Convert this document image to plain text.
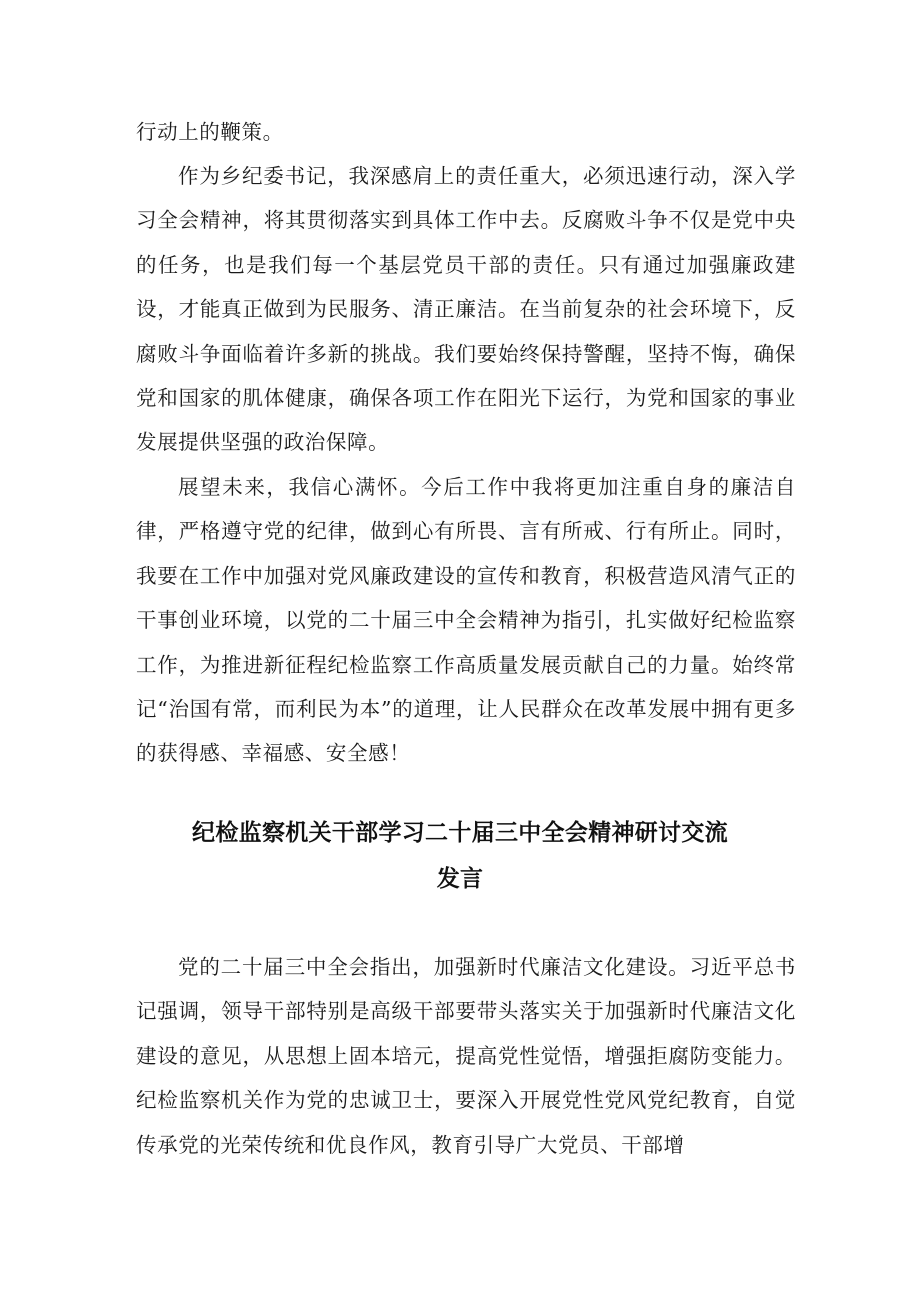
行动上的鞭策。

作为乡纪委书记，我深感肩上的责任重大，必须迅速行动，深入学习全会精神，将其贯彻落实到具体工作中去。反腐败斗争不仅是党中央的任务，也是我们每一个基层党员干部的责任。只有通过加强廉政建设，才能真正做到为民服务、清正廉洁。在当前复杂的社会环境下，反腐败斗争面临着许多新的挑战。我们要始终保持警醒，坚持不悔，确保党和国家的肌体健康，确保各项工作在阳光下运行，为党和国家的事业发展提供坚强的政治保障。

展望未来，我信心满怀。今后工作中我将更加注重自身的廉洁自律，严格遵守党的纪律，做到心有所畏、言有所戒、行有所止。同时，我要在工作中加强对党风廉政建设的宣传和教育，积极营造风清气正的干事创业环境，以党的二十届三中全会精神为指引，扎实做好纪检监察工作，为推进新征程纪检监察工作高质量发展贡献自己的力量。始终常记“治国有常，而利民为本”的道理，让人民群众在改革发展中拥有更多的获得感、幸福感、安全感！

纪检监察机关干部学习二十届三中全会精神研讨交流
发言

党的二十届三中全会指出，加强新时代廉洁文化建设。习近平总书记强调，领导干部特别是高级干部要带头落实关于加强新时代廉洁文化建设的意见，从思想上固本培元，提高党性觉悟，增强拒腐防变能力。纪检监察机关作为党的忠诚卫士，要深入开展党性党风党纪教育，自觉传承党的光荣传统和优良作风，教育引导广大党员、干部增
